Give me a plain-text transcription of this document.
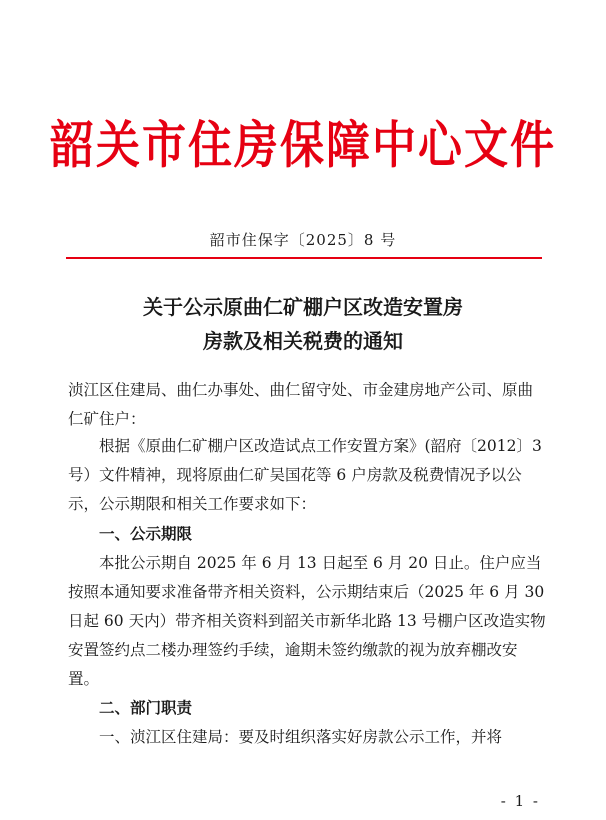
韶关市住房保障中心文件
韶市住保字〔2025〕8 号
关于公示原曲仁矿棚户区改造安置房
房款及相关税费的通知
浈江区住建局、曲仁办事处、曲仁留守处、市金建房地产公司、原曲仁矿住户：
根据《原曲仁矿棚户区改造试点工作安置方案》(韶府〔2012〕3 号）文件精神，现将原曲仁矿吴国花等 6 户房款及税费情况予以公示，公示期限和相关工作要求如下：
一、公示期限
本批公示期自 2025 年 6 月 13 日起至 6 月 20 日止。住户应当按照本通知要求准备带齐相关资料，公示期结束后（2025 年 6 月 30 日起 60 天内）带齐相关资料到韶关市新华北路 13 号棚户区改造实物安置签约点二楼办理签约手续，逾期未签约缴款的视为放弃棚改安置。
二、部门职责
一、浈江区住建局：要及时组织落实好房款公示工作，并将
- 1 -
